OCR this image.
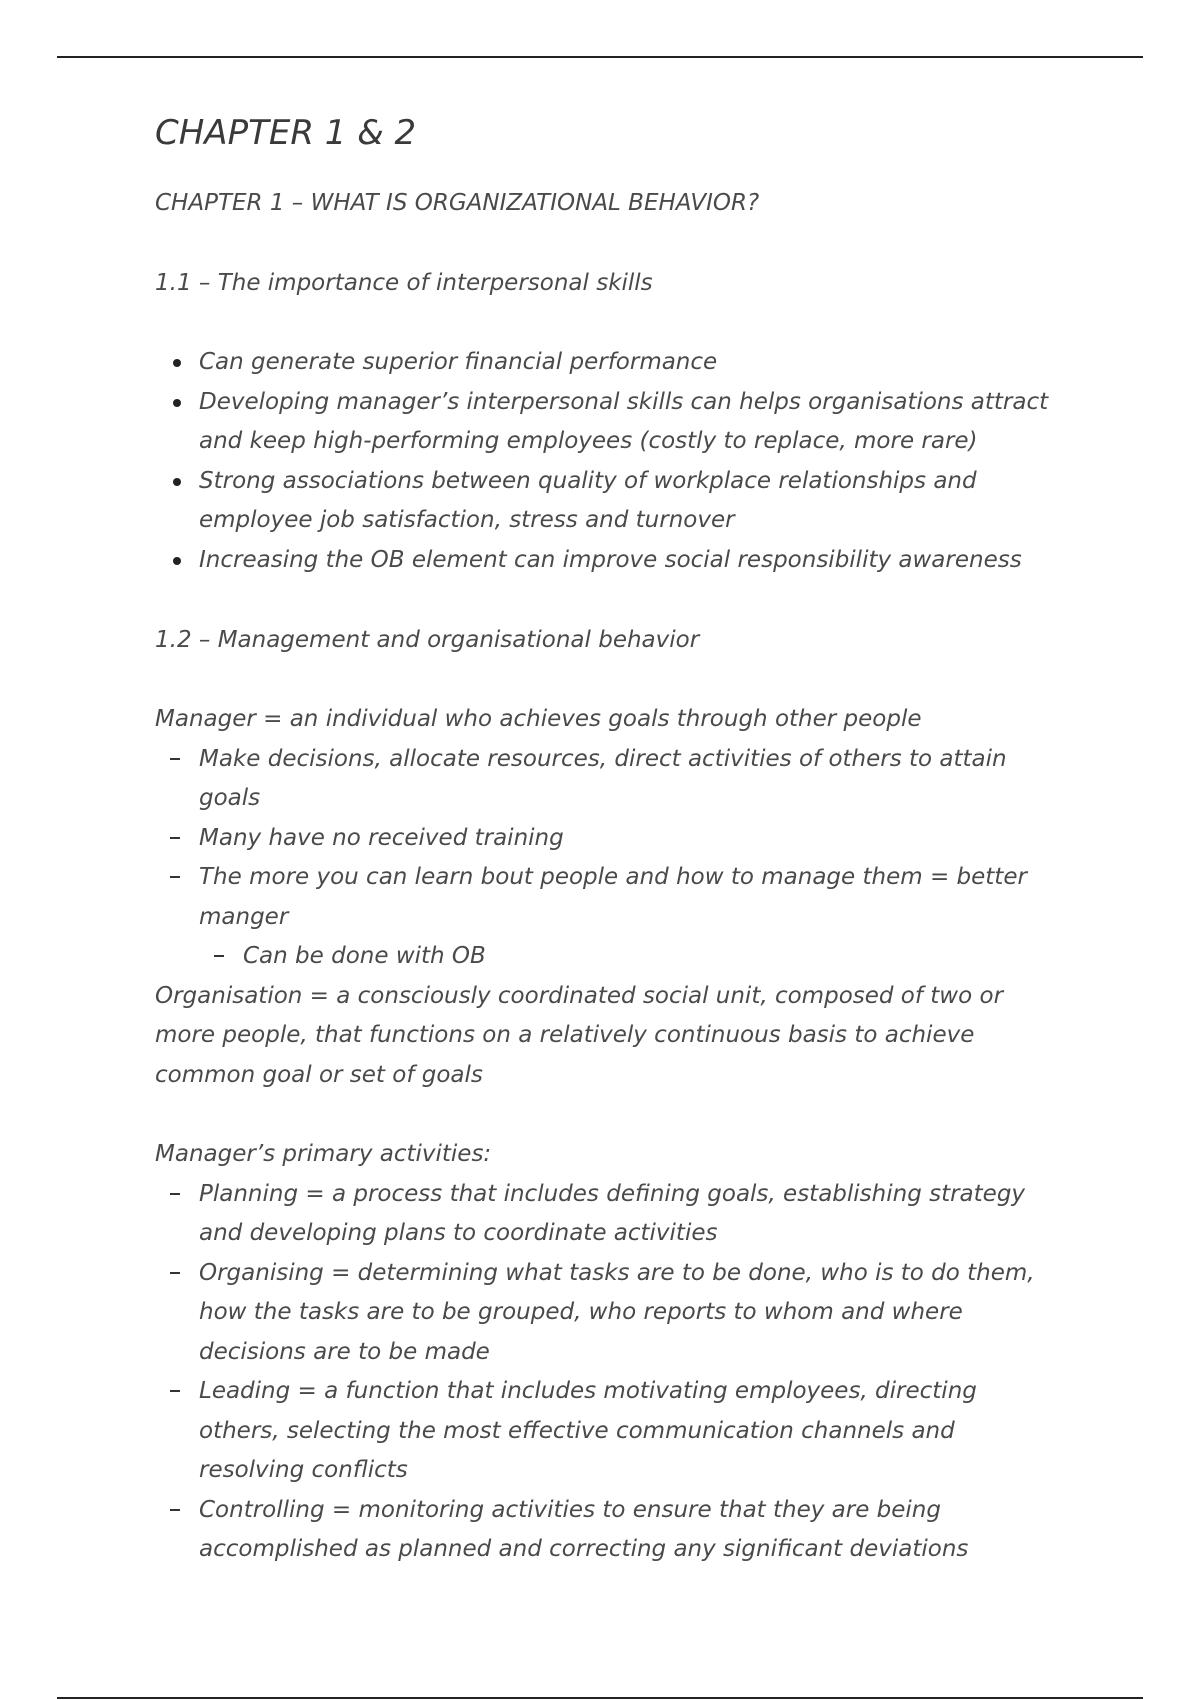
CHAPTER 1 & 2
CHAPTER 1 – WHAT IS ORGANIZATIONAL BEHAVIOR?
1.1 – The importance of interpersonal skills
Can generate superior financial performance
Developing manager’s interpersonal skills can helps organisations attract and keep high-performing employees (costly to replace, more rare)
Strong associations between quality of workplace relationships and employee job satisfaction, stress and turnover
Increasing the OB element can improve social responsibility awareness
1.2 – Management and organisational behavior
Manager = an individual who achieves goals through other people
Make decisions, allocate resources, direct activities of others to attain goals
Many have no received training
The more you can learn bout people and how to manage them = better manger
Can be done with OB
Organisation = a consciously coordinated social unit, composed of two or more people, that functions on a relatively continuous basis to achieve common goal or set of goals
Manager’s primary activities:
Planning = a process that includes defining goals, establishing strategy and developing plans to coordinate activities
Organising = determining what tasks are to be done, who is to do them, how the tasks are to be grouped, who reports to whom and where decisions are to be made
Leading = a function that includes motivating employees, directing others, selecting the most effective communication channels and resolving conflicts
Controlling = monitoring activities to ensure that they are being accomplished as planned and correcting any significant deviations
